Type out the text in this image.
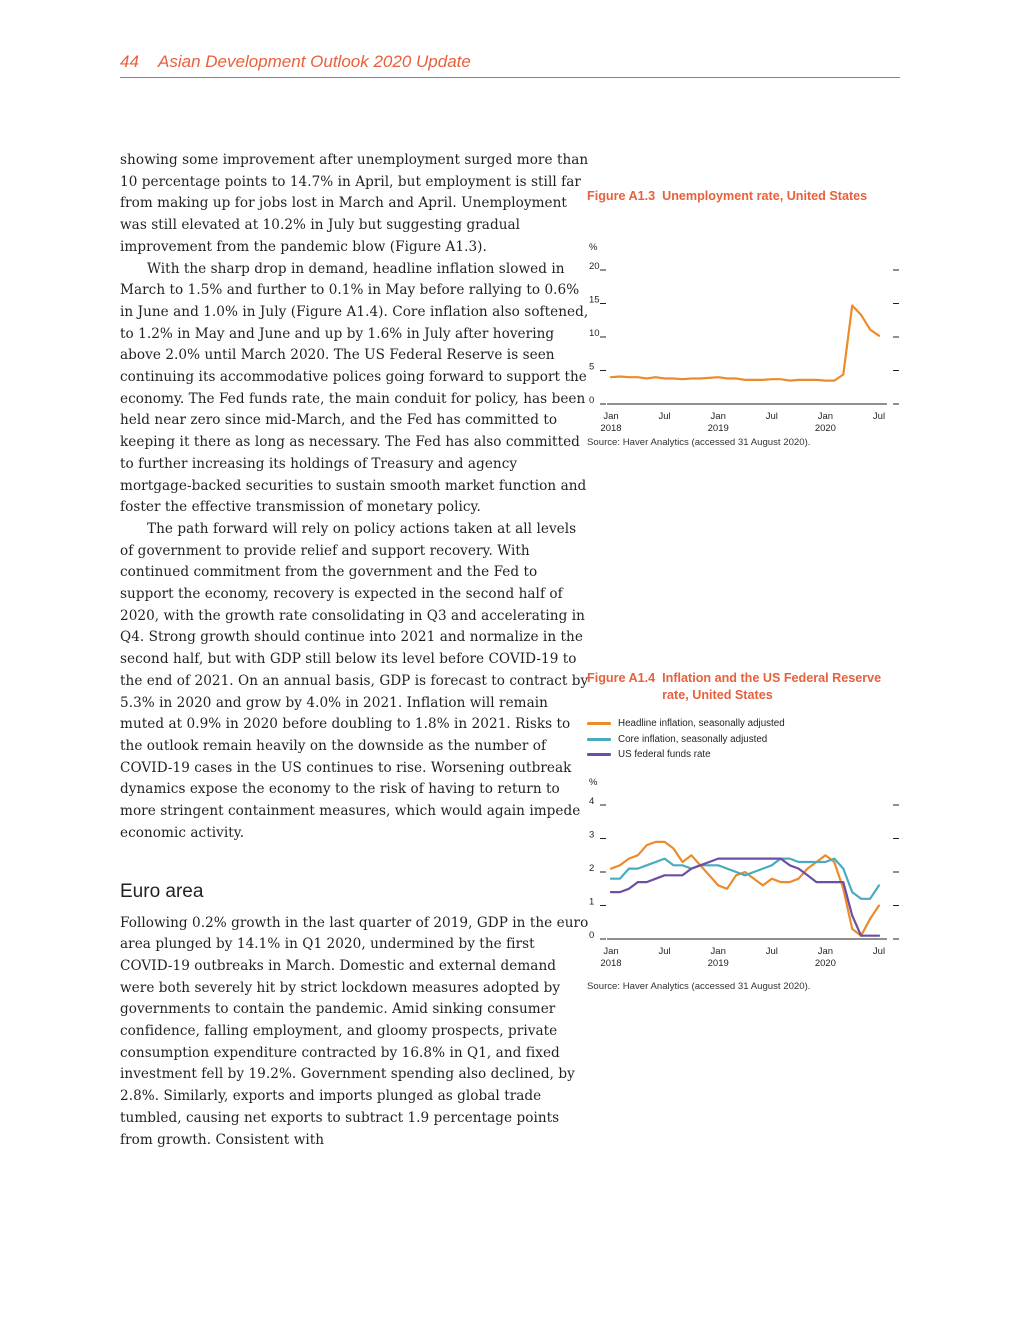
44 Asian Development Outlook 2020 Update

showing some improvement after unemployment surged more than 10 percentage points to 14.7% in April, but employment is still far from making up for jobs lost in March and April. Unemployment was still elevated at 10.2% in July but suggesting gradual improvement from the pandemic blow (Figure A1.3).

With the sharp drop in demand, headline inflation slowed in March to 1.5% and further to 0.1% in May before rallying to 0.6% in June and 1.0% in July (Figure A1.4). Core inflation also softened, to 1.2% in May and June and up by 1.6% in July after hovering above 2.0% until March 2020. The US Federal Reserve is seen continuing its accommodative polices going forward to support the economy. The Fed funds rate, the main conduit for policy, has been held near zero since mid-March, and the Fed has committed to keeping it there as long as necessary. The Fed has also committed to further increasing its holdings of Treasury and agency mortgage-backed securities to sustain smooth market function and foster the effective transmission of monetary policy.

The path forward will rely on policy actions taken at all levels of government to provide relief and support recovery. With continued commitment from the government and the Fed to support the economy, recovery is expected in the second half of 2020, with the growth rate consolidating in Q3 and accelerating in Q4. Strong growth should continue into 2021 and normalize in the second half, but with GDP still below its level before COVID-19 to the end of 2021. On an annual basis, GDP is forecast to contract by 5.3% in 2020 and grow by 4.0% in 2021. Inflation will remain muted at 0.9% in 2020 before doubling to 1.8% in 2021. Risks to the outlook remain heavily on the downside as the number of COVID-19 cases in the US continues to rise. Worsening outbreak dynamics expose the economy to the risk of having to return to more stringent containment measures, which would again impede economic activity.

Euro area

Following 0.2% growth in the last quarter of 2019, GDP in the euro area plunged by 14.1% in Q1 2020, undermined by the first COVID-19 outbreaks in March. Domestic and external demand were both severely hit by strict lockdown measures adopted by governments to contain the pandemic. Amid sinking consumer confidence, falling employment, and gloomy prospects, private consumption expenditure contracted by 16.8% in Q1, and fixed investment fell by 19.2%. Government spending also declined, by 2.8%. Similarly, exports and imports plunged as global trade tumbled, causing net exports to subtract 1.9 percentage points from growth. Consistent with

Figure A1.3 Unemployment rate, United States
%
0
5
10
15
20
Jan
2018
Jul	Jan
2019
Jul	Jan
2020
Jul
Source: Haver Analytics (accessed 31 August 2020).
Figure A1.4 Inflation and the US Federal Reserve rate, United States
Headline inflation, seasonally adjusted
Core inflation, seasonally adjusted
US federal funds rate
%
0
1
2
3
4
Jan
2018
Jul	Jan
2019
Jul	Jan
2020
Jul
Source: Haver Analytics (accessed 31 August 2020).
